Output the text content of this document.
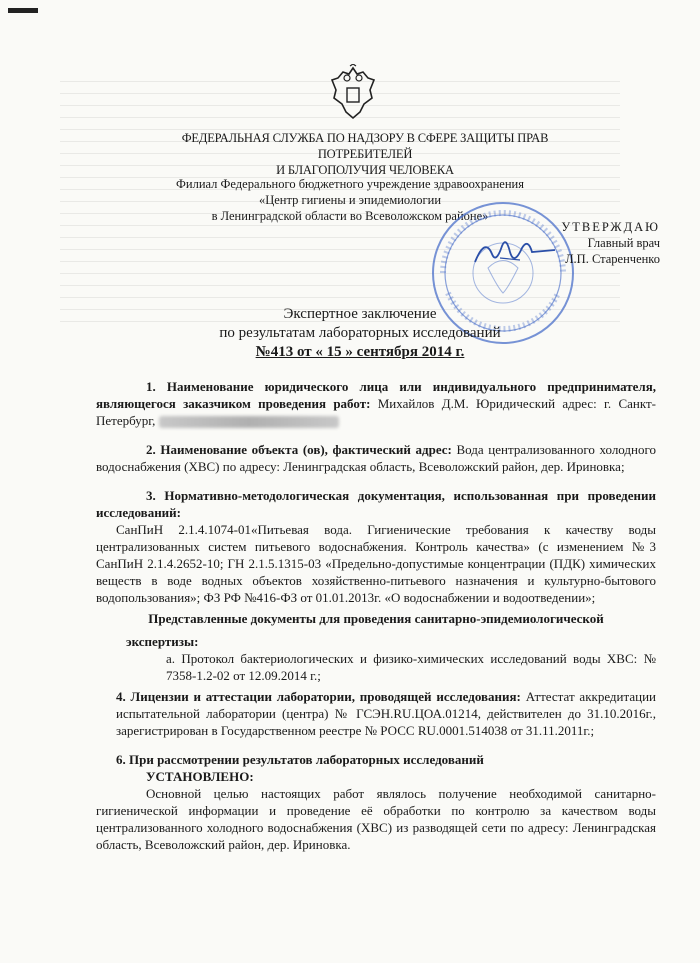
ФЕДЕРАЛЬНАЯ СЛУЖБА ПО НАДЗОРУ В СФЕРЕ ЗАЩИТЫ ПРАВ ПОТРЕБИТЕЛЕЙ
И БЛАГОПОЛУЧИЯ ЧЕЛОВЕКА
Филиал Федерального бюджетного учреждение здравоохранения
«Центр гигиены и эпидемиологии
в Ленинградской области во Всеволожском районе»
УТВЕРЖДАЮ
Главный врач
Л.П. Старенченко
Экспертное заключение
по результатам лабораторных исследований
№413 от « 15 » сентября 2014 г.
1. Наименование юридического лица или индивидуального предпринимателя, являющегося заказчиком проведения работ: Михайлов Д.М. Юридический адрес: г. Санкт-Петербург,
2. Наименование объекта (ов), фактический адрес: Вода централизованного холодного водоснабжения (ХВС) по адресу: Ленинградская область, Всеволожский район, дер. Ириновка;
3. Нормативно-методологическая документация, использованная при проведении исследований:
СанПиН 2.1.4.1074-01«Питьевая вода. Гигиенические требования к качеству воды централизованных систем питьевого водоснабжения. Контроль качества» (с изменением №3 СанПиН 2.1.4.2652-10; ГН 2.1.5.1315-03 «Предельно-допустимые концентрации (ПДК) химических веществ в воде водных объектов хозяйственно-питьевого назначения и культурно-бытового водопользования»; ФЗ РФ №416-ФЗ от 01.01.2013г. «О водоснабжении и водоотведении»;
Представленные документы для проведения санитарно-эпидемиологической
экспертизы:
а. Протокол бактериологических и физико-химических исследований воды ХВС: № 7358-1.2-02 от 12.09.2014 г.;
4. Лицензии и аттестации лаборатории, проводящей исследования: Аттестат аккредитации испытательной лаборатории (центра) № ГСЭН.RU.ЦОА.01214, действителен до 31.10.2016г., зарегистрирован в Государственном реестре № РОСС RU.0001.514038 от 31.11.2011г.;
6. При рассмотрении результатов лабораторных исследований
УСТАНОВЛЕНО:
Основной целью настоящих работ являлось получение необходимой санитарно-гигиенической информации и проведение её обработки по контролю за качеством воды централизованного холодного водоснабжения (ХВС) из разводящей сети по адресу: Ленинградская область, Всеволожский район, дер. Ириновка.
